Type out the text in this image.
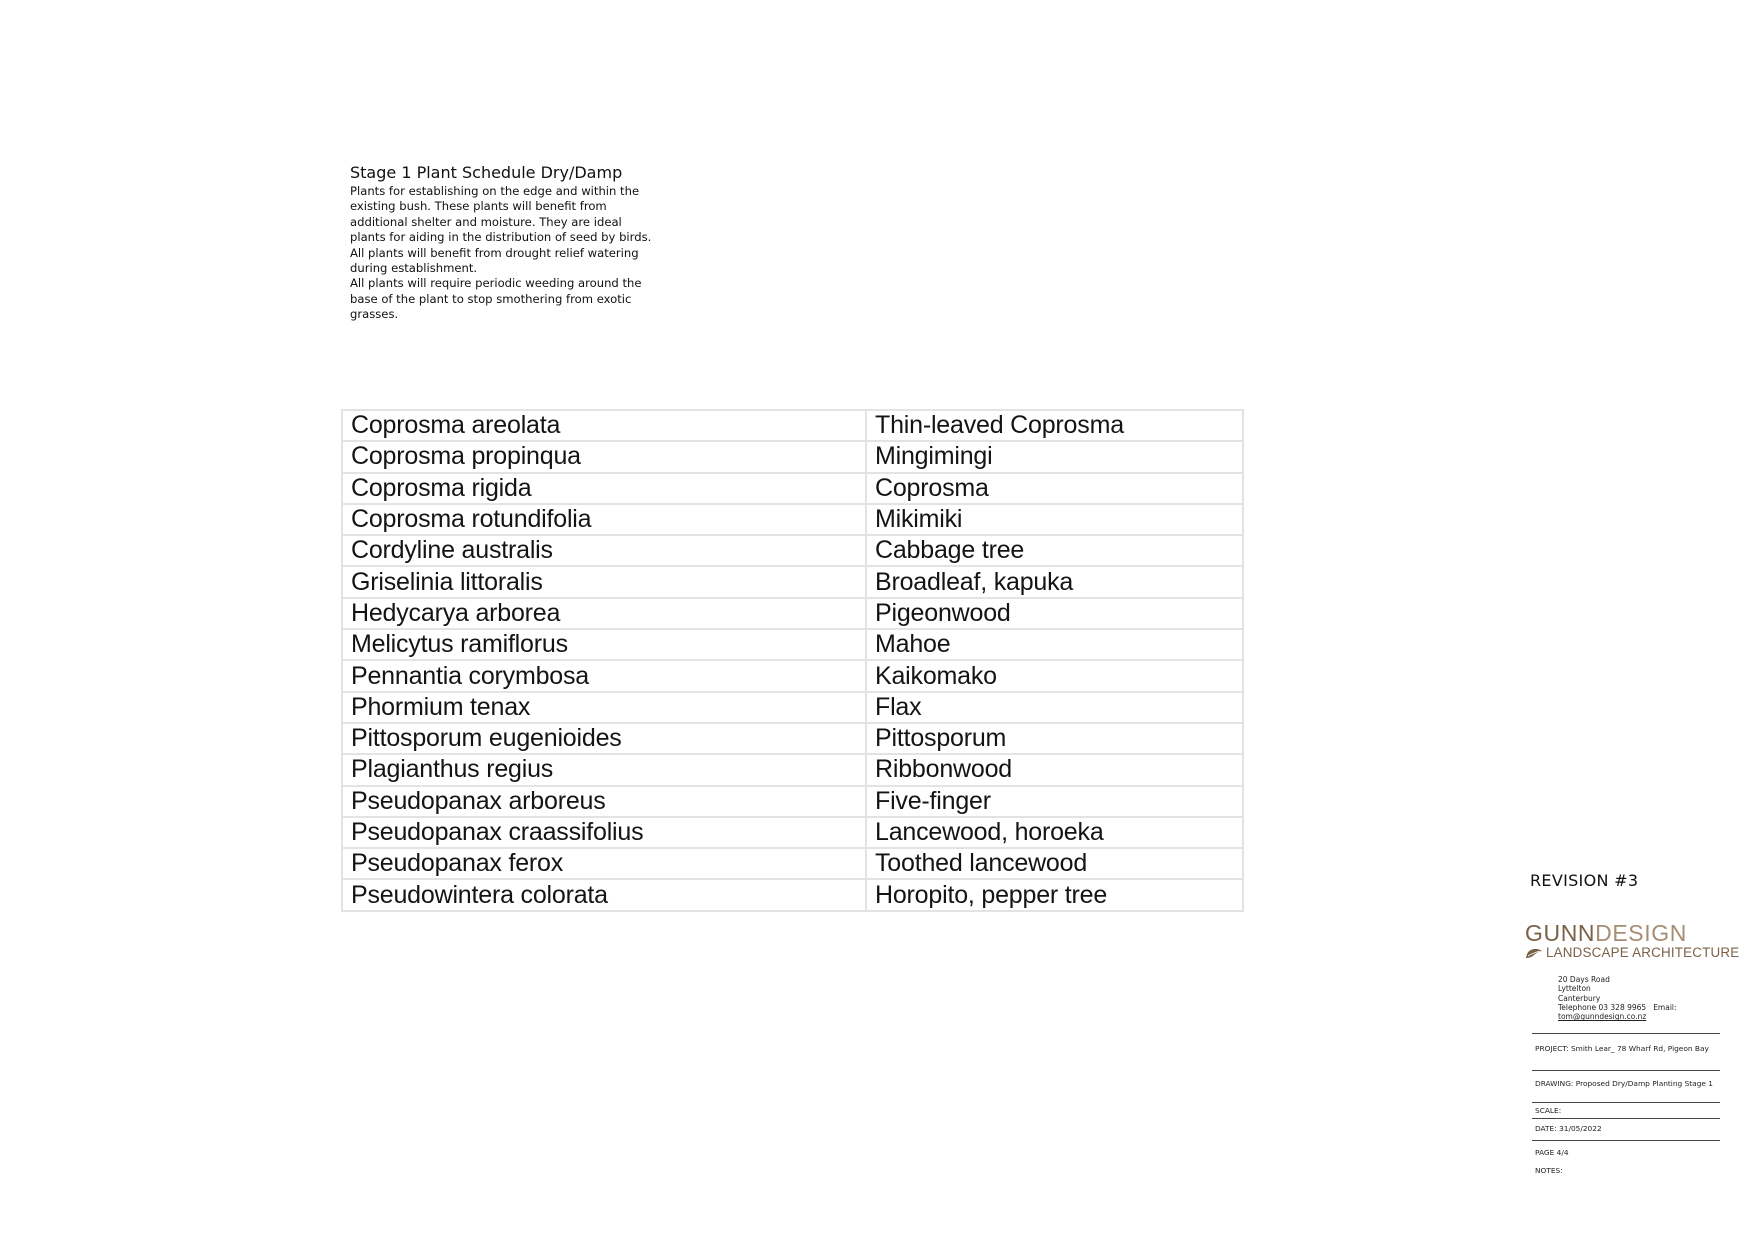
Stage 1 Plant Schedule Dry/Damp

Plants for establishing on the edge and within the existing bush. These plants will benefit from additional shelter and moisture. They are ideal plants for aiding in the distribution of seed by birds.

All plants will benefit from drought relief watering during establishment.

All plants will require periodic weeding around the base of the plant to stop smothering from exotic grasses.

Coprosma areolata	Thin-leaved Coprosma
Coprosma propinqua	Mingimingi
Coprosma rigida	Coprosma
Coprosma rotundifolia	Mikimiki
Cordyline australis	Cabbage tree
Griselinia littoralis	Broadleaf, kapuka
Hedycarya arborea	Pigeonwood
Melicytus ramiflorus	Mahoe
Pennantia corymbosa	Kaikomako
Phormium tenax	Flax
Pittosporum eugenioides	Pittosporum
Plagianthus regius	Ribbonwood
Pseudopanax arboreus	Five-finger
Pseudopanax craassifolius	Lancewood, horoeka
Pseudopanax ferox	Toothed lancewood
Pseudowintera colorata	Horopito, pepper tree
REVISION #3
GUNNDESIGN
LANDSCAPE ARCHITECTURE
20 Days Road
Lyttelton
Canterbury
Telephone 03 328 9965 Email:
tom@gunndesign.co.nz
PROJECT: Smith Lear_ 78 Wharf Rd, Pigeon Bay
DRAWING: Proposed Dry/Damp Planting Stage 1
SCALE:
DATE: 31/05/2022
PAGE 4/4
NOTES:
